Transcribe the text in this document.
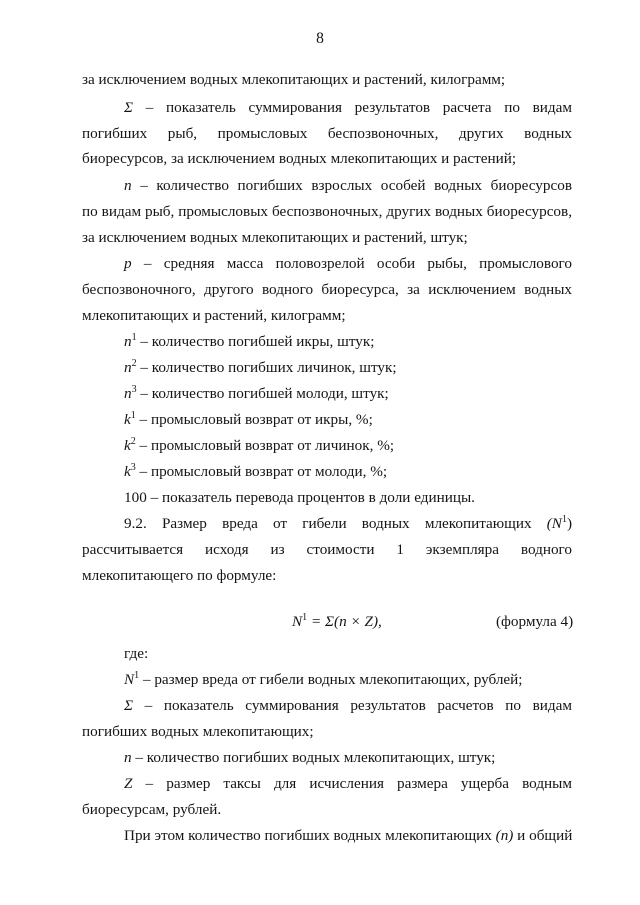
8
за исключением водных млекопитающих и растений, килограмм;
Σ – показатель суммирования результатов расчета по видам
погибших рыб, промысловых беспозвоночных, других водных
биоресурсов, за исключением водных млекопитающих и растений;
n – количество погибших взрослых особей водных биоресурсов
по видам рыб, промысловых беспозвоночных, других водных биоресурсов,
за исключением водных млекопитающих и растений, штук;
p – средняя масса половозрелой особи рыбы, промыслового
беспозвоночного, другого водного биоресурса, за исключением водных
млекопитающих и растений, килограмм;
$n^1$ – количество погибшей икры, штук;
$n^2$ – количество погибших личинок, штук;
$n^3$ – количество погибшей молоди, штук;
$k^1$ – промысловый возврат от икры, %;
$k^2$ – промысловый возврат от личинок, %;
$k^3$ – промысловый возврат от молоди, %;
100 – показатель перевода процентов в доли единицы.
9.2. Размер вреда от гибели водных млекопитающих $(N^1)$
рассчитывается исходя из стоимости 1 экземпляра водного
млекопитающего по формуле:
$N^1 = \Sigma(n \times Z)$,	(формула 4)
где:
$N^1$ – размер вреда от гибели водных млекопитающих, рублей;
Σ – показатель суммирования результатов расчетов по видам
погибших водных млекопитающих;
n – количество погибших водных млекопитающих, штук;
Z – размер таксы для исчисления размера ущерба водным
биоресурсам, рублей.
При этом количество погибших водных млекопитающих (n) и общий
